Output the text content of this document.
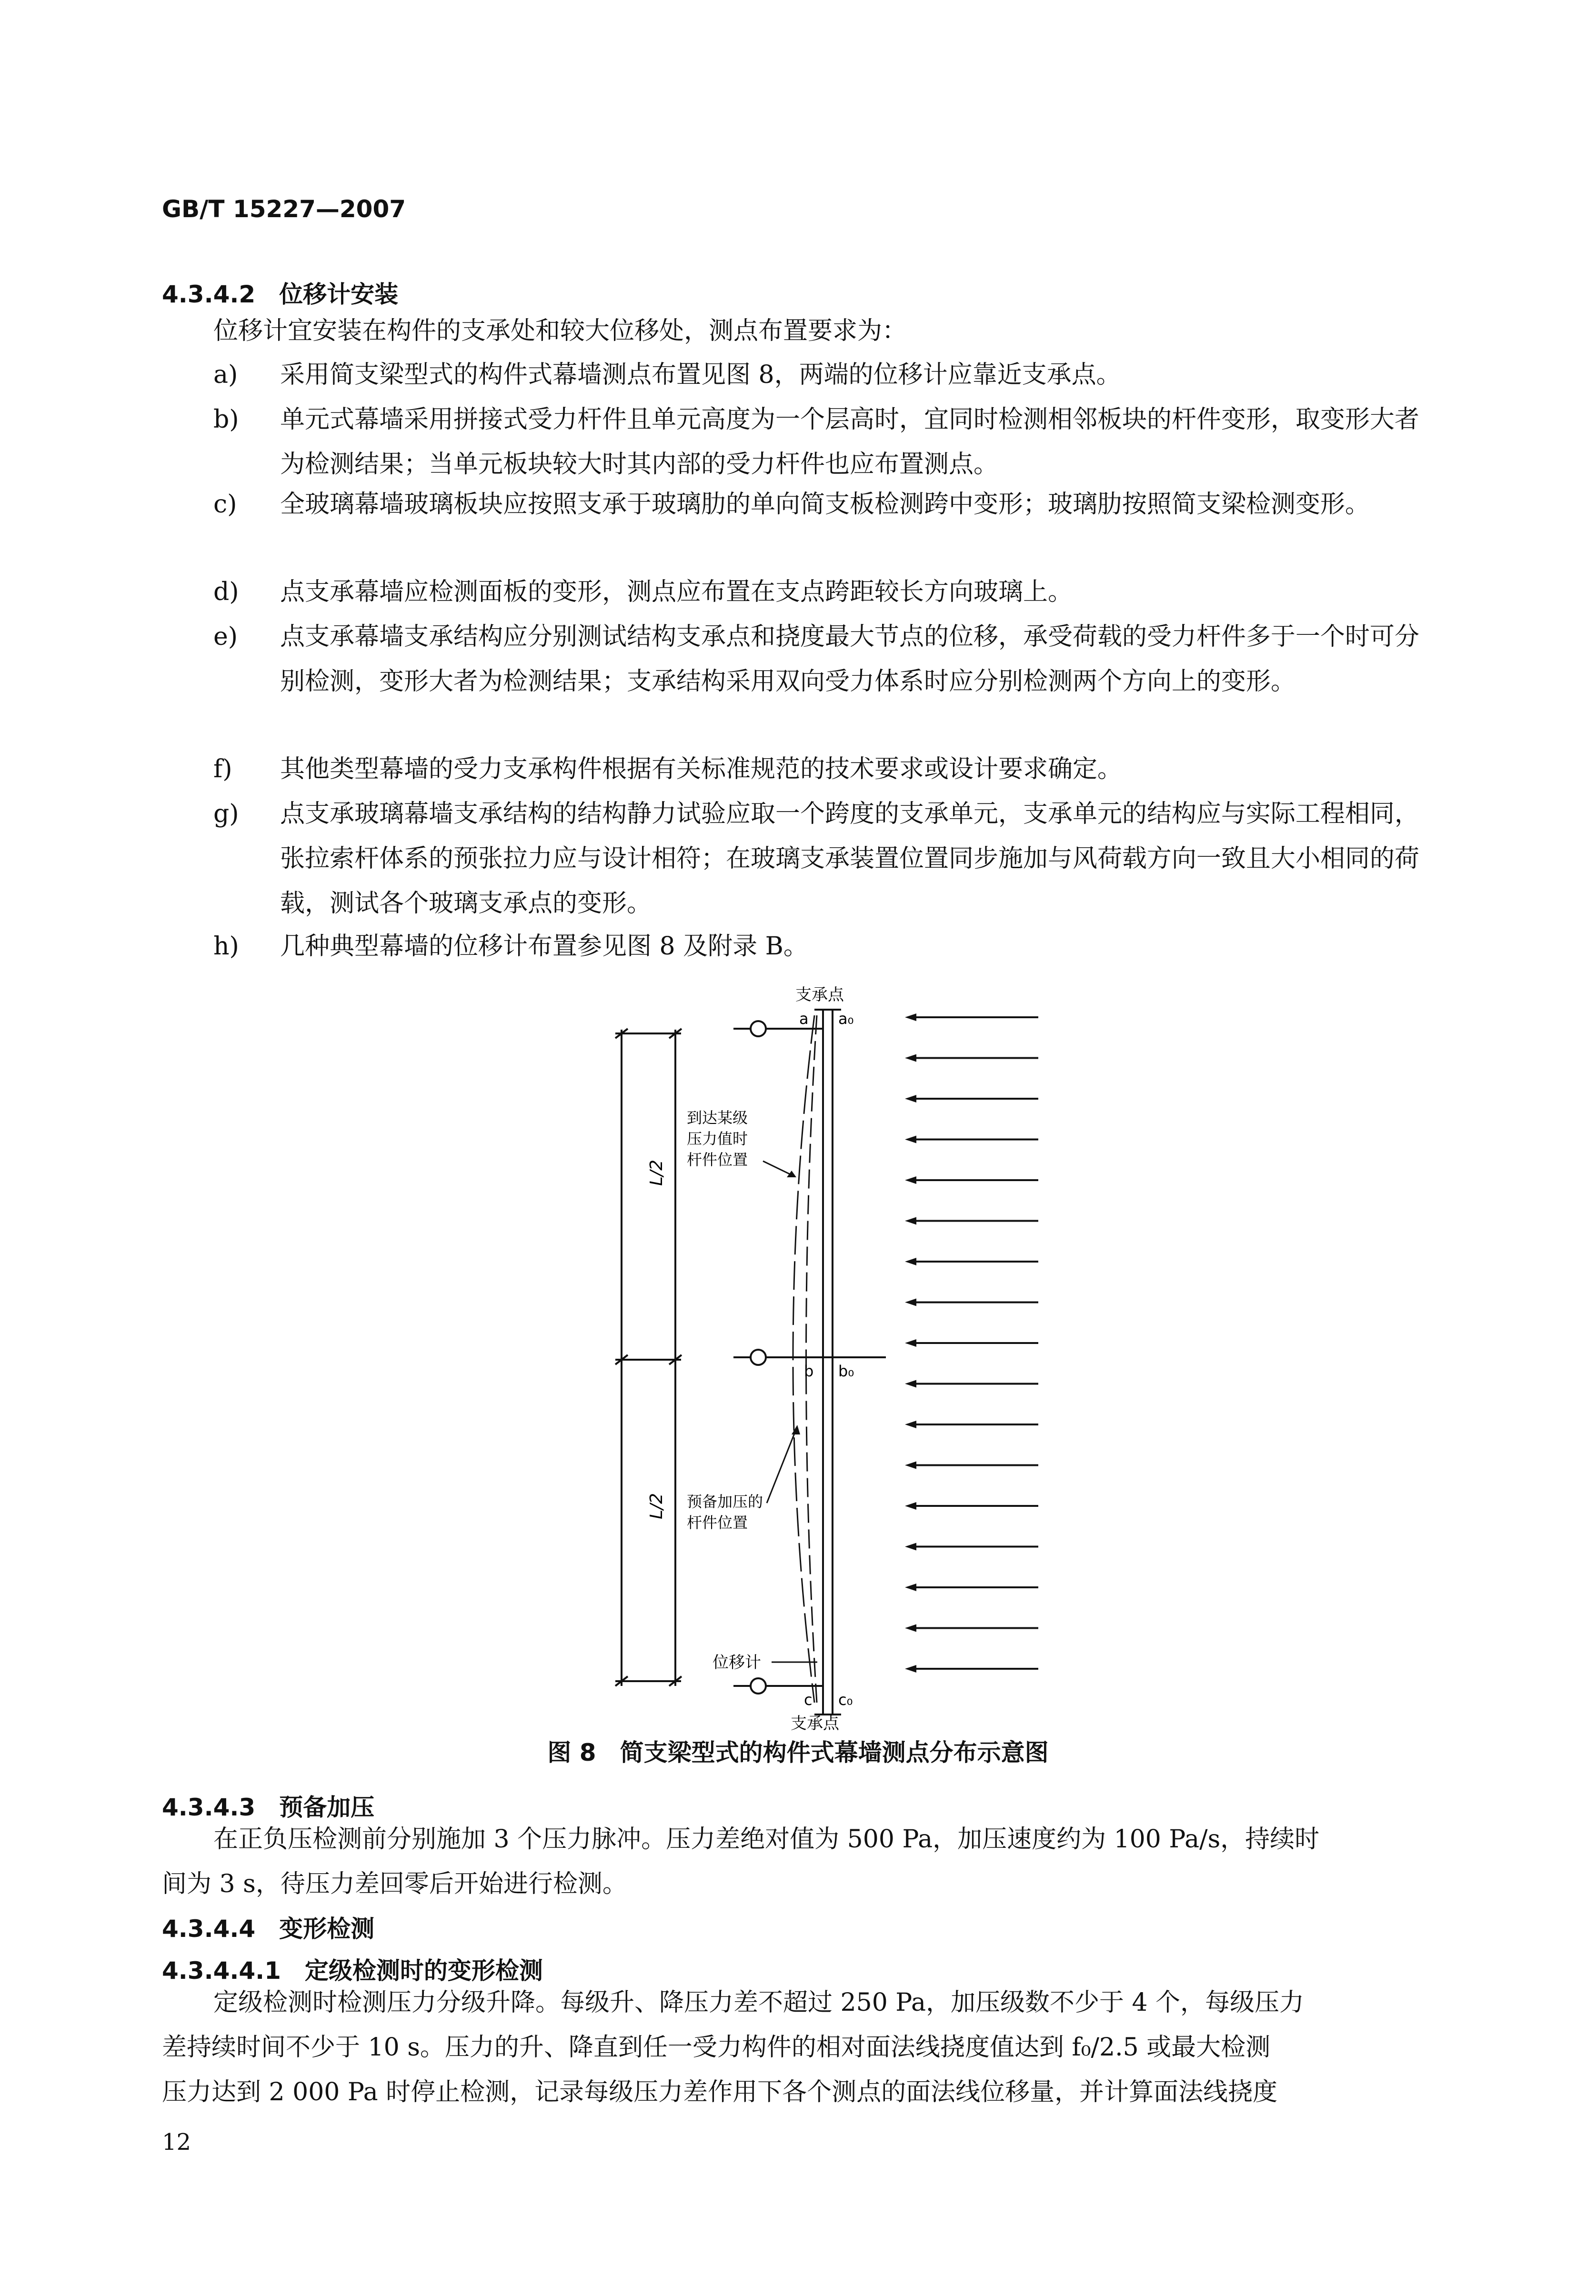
GB/T 15227—2007
4.3.4.2　位移计安装
位移计宜安装在构件的支承处和较大位移处，测点布置要求为：
a) 采用简支梁型式的构件式幕墙测点布置见图 8，两端的位移计应靠近支承点。
b) 单元式幕墙采用拼接式受力杆件且单元高度为一个层高时，宜同时检测相邻板块的杆件变形，取变形大者为检测结果；当单元板块较大时其内部的受力杆件也应布置测点。
c) 全玻璃幕墙玻璃板块应按照支承于玻璃肋的单向简支板检测跨中变形；玻璃肋按照简支梁检测变形。
d) 点支承幕墙应检测面板的变形，测点应布置在支点跨距较长方向玻璃上。
e) 点支承幕墙支承结构应分别测试结构支承点和挠度最大节点的位移，承受荷载的受力杆件多于一个时可分别检测，变形大者为检测结果；支承结构采用双向受力体系时应分别检测两个方向上的变形。
f) 其他类型幕墙的受力支承构件根据有关标准规范的技术要求或设计要求确定。
g) 点支承玻璃幕墙支承结构的结构静力试验应取一个跨度的支承单元，支承单元的结构应与实际工程相同，张拉索杆体系的预张拉力应与设计相符；在玻璃支承装置位置同步施加与风荷载方向一致且大小相同的荷载，测试各个玻璃支承点的变形。
h) 几种典型幕墙的位移计布置参见图 8 及附录 B。
L/2
L/2
支承点
支承点
a a₀
b b₀
c c₀
到达某级 压力值时 杆件位置
预备加压的 杆件位置
位移计
图 8　简支梁型式的构件式幕墙测点分布示意图
4.3.4.3　预备加压
在正负压检测前分别施加 3 个压力脉冲。压力差绝对值为 500 Pa，加压速度约为 100 Pa/s，持续时
间为 3 s，待压力差回零后开始进行检测。
4.3.4.4　变形检测
4.3.4.4.1　定级检测时的变形检测
定级检测时检测压力分级升降。每级升、降压力差不超过 250 Pa，加压级数不少于 4 个，每级压力
差持续时间不少于 10 s。压力的升、降直到任一受力构件的相对面法线挠度值达到 f₀/2.5 或最大检测
压力达到 2 000 Pa 时停止检测，记录每级压力差作用下各个测点的面法线位移量，并计算面法线挠度
12
